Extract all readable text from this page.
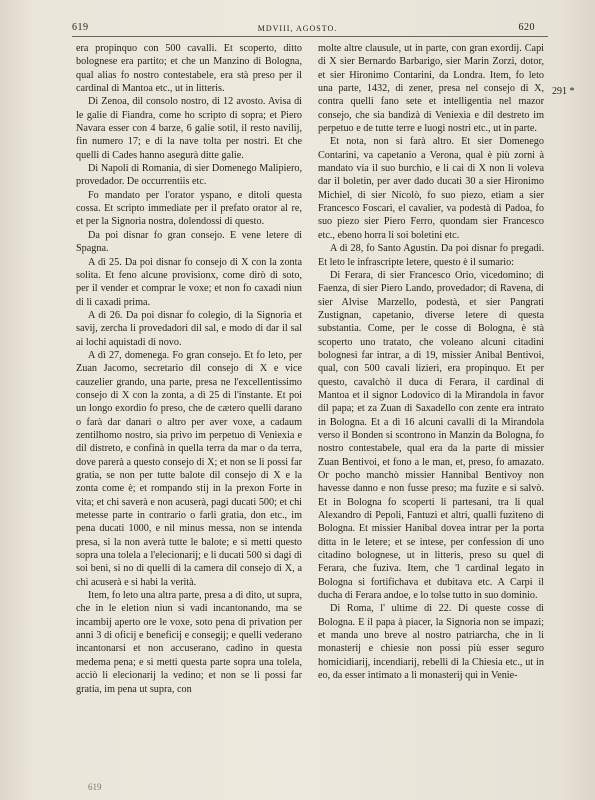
619	MDVIII, AGOSTO.	620

era propinquo con 500 cavalli. Et scoperto, ditto bolognese era partito; et che un Manzino di Bologna, qual alias fo nostro contestabele, era stà preso per il cardinal di Mantoa etc., ut in litteris.

Di Zenoa, dil consolo nostro, di 12 avosto. Avisa di le galie di Fiandra, come ho scripto di sopra; et Piero Navara esser con 4 barze, 6 galie sotil, il resto navilij, fin numero 17; e di la nave tolta per nostri. Et che quelli di Cades hanno asegurà ditte galie.

Di Napoli di Romania, di sier Domenego Malipiero, provedador. De occurrentiis etc.

Fo mandato per l'orator yspano, e ditoli questa cossa. Et scripto immediate per il prefato orator al re, et per la Signoria nostra, dolendossi di questo.

Da poi disnar fo gran consejo. E vene letere di Spagna.

A dì 25. Da poi disnar fo consejo di X con la zonta solita. Et feno alcune provisionx, come dirò di soto, per il vender et comprar le voxe; et non fo caxadi niun di li caxadi prima.

A dì 26. Da poi disnar fo colegio, di la Signoria et savij, zercha li provedadori dil sal, e modo di dar il sal ai lochi aquistadi di novo.

A dì 27, domenega. Fo gran consejo. Et fo leto, per Zuan Jacomo, secretario dil consejo di X e vice cauzelier grando, una parte, presa ne l'excellentissimo consejo di X con la zonta, a dì 25 di l'instante. Et poi un longo exordio fo preso, che de cætero quelli darano o farà dar danari o altro per aver voxe, a cadaum zentilhomo nostro, sia privo im perpetuo di Veniexia e dil distreto, e confinà in quella terra da mar o da terra, dove parerà a questo consejo di X; et non se li possi far gratia, se non per tutte balote dil consejo di X e la zonta come è; et rompando stij in la prexon Forte in vita; et chi saverà e non acuserà, pagi ducati 500; et chi metesse parte in contrario o farli gratia, don etc., im pena ducati 1000, e nil minus messa, non se intenda presa, si la non averà tutte le balote; e si metti questo sopra una tolela a l'elecionarij; e li ducati 500 si dagi di soi beni, si no di quelli di la camera dil consejo di X, a chi acuserà e si habi la verità.

Item, fo leto una altra parte, presa a dì dito, ut supra, che in le eletion niun si vadi incantonando, ma se incambij aperto ore le voxe, soto pena di privation per anni 3 di oficij e beneficij e consegij; e quelli vederano incantonarsi et non accuserano, cadino in questa medema pena; e si metti questa parte sopra una tolela, acciò li elecionarij la vedino; et non se li possi far gratia, im pena ut supra, con

molte altre clausule, ut in parte, con gran exordij. Capi di X sier Bernardo Barbarigo, sier Marin Zorzi, dotor, et sier Hironimo Contarini, da Londra. Item, fo leto una parte, 1432, di zener, presa nel consejo di X, contra quelli fano sete et intelligentia nel mazor consejo, che sia bandizà di Veniexia e dil destreto im perpetuo e de tutte terre e luogi nostri etc., ut in parte.

Et nota, non si farà altro. Et sier Domenego Contarini, va capetanio a Verona, qual è più zorni à mandato via il suo burchio, e li cai di X non li voleva dar il boletin, per aver dado ducati 30 a sier Hironimo Michiel, di sier Nicolò, fo suo piezo, etiam a sier Francesco Foscari, el cavalier, va podestà di Padoa, fo suo piezo sier Piero Ferro, quondam sier Francesco etc., ebeno horra li soi boletini etc.

A dì 28, fo Santo Agustin. Da poi disnar fo pregadi. Et leto le infrascripte letere, questo è il sumario:

Di Ferara, di sier Francesco Orio, vicedomino; di Faenza, di sier Piero Lando, provedador; di Ravena, di sier Alvise Marzello, podestà, et sier Pangrati Zustignan, capetanio, diverse letere di questa substantia. Come, per le cosse di Bologna, è stà scoperto uno tratato, che voleano alcuni citadini bolognesi far intrar, a dì 19, missier Anibal Bentivoi, qual, con 500 cavali lizieri, era propinquo. Et per questo, cavalchò il duca di Ferara, il cardinal di Mantoa et il signor Lodovico di la Mirandola in favor dil papa; et za Zuan di Saxadello con zente era intrato in Bologna. Et a dì 16 alcuni cavalli di la Mirandola verso il Bonden si scontrono in Manzin da Bologna, fo nostro contestabele, qual era da la parte di missier Zuan Bentivoi, et fono a le man, et, preso, fo amazato. Or pocho manchò missier Hannibal Bentivoy non havesse danno e non fusse preso; ma fuzite e si salvò. Et in Bologna fo scoperti li partesani, tra li qual Alexandro di Pepoli, Fantuzi et altri, qualli fuziteno di Bologna. Et missier Hanibal dovea intrar per la porta ditta in le letere; et se intese, per confession di uno citadino bolognese, ut in litteris, preso su quel di Ferara, che fuziva. Item, che 'l cardinal legato in Bologna si fortifichava et dubitava etc. A Carpi il ducha di Ferara andoe, e lo tolse tutto in suo dominio.

Di Roma, l' ultime di 22. Di queste cosse di Bologna. E il papa à piacer, la Signoria non se impazi; et manda uno breve al nostro patriarcha, che in li monasterij e chiesie non possi più esser seguro homicidiarij, incendiarij, rebelli di la Chiesia etc., ut in eo, da esser intimato a li monasterij qui in Venie-

291 *
619
